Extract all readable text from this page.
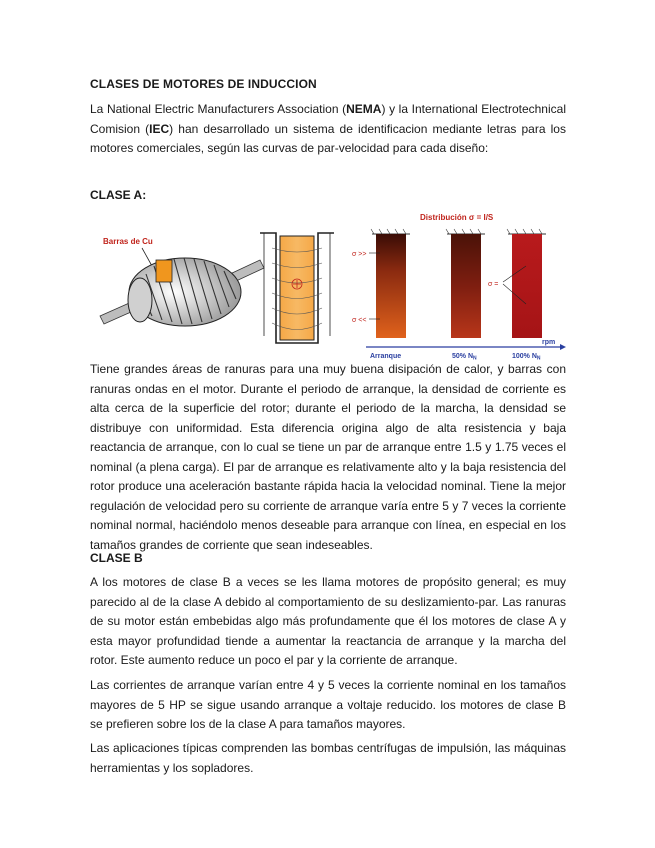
CLASES DE MOTORES DE INDUCCION

La National Electric Manufacturers Association (NEMA) y la International Electrotechnical Comision (IEC) han desarrollado un sistema de identificacion mediante letras para los motores comerciales, según las curvas de par-velocidad para cada diseño:

CLASE A:
Barras de Cu
Distribución σ = I/S
σ >>
σ <<
σ =
rpm
Arranque	50% $N_N$	100% $N_N$

Tiene grandes áreas de ranuras para una muy buena disipación de calor, y barras con ranuras ondas en el motor. Durante el periodo de arranque, la densidad de corriente es alta cerca de la superficie del rotor; durante el periodo de la marcha, la densidad se distribuye con uniformidad. Esta diferencia origina algo de alta resistencia y baja reactancia de arranque, con lo cual se tiene un par de arranque entre 1.5 y 1.75 veces el nominal (a plena carga). El par de arranque es relativamente alto y la baja resistencia del rotor produce una aceleración bastante rápida hacia la velocidad nominal. Tiene la mejor regulación de velocidad pero su corriente de arranque varía entre 5 y 7 veces la corriente nominal normal, haciéndolo menos deseable para arranque con línea, en especial en los tamaños grandes de corriente que sean indeseables.

CLASE B

A los motores de clase B a veces se les llama motores de propósito general; es muy parecido al de la clase A debido al comportamiento de su deslizamiento-par. Las ranuras de su motor están embebidas algo más profundamente que él los motores de clase A y esta mayor profundidad tiende a aumentar la reactancia de arranque y la marcha del rotor. Este aumento reduce un poco el par y la corriente de arranque.

Las corrientes de arranque varían entre 4 y 5 veces la corriente nominal en los tamaños mayores de 5 HP se sigue usando arranque a voltaje reducido. los motores de clase B se prefieren sobre los de la clase A para tamaños mayores.

Las aplicaciones típicas comprenden las bombas centrífugas de impulsión, las máquinas herramientas y los sopladores.
